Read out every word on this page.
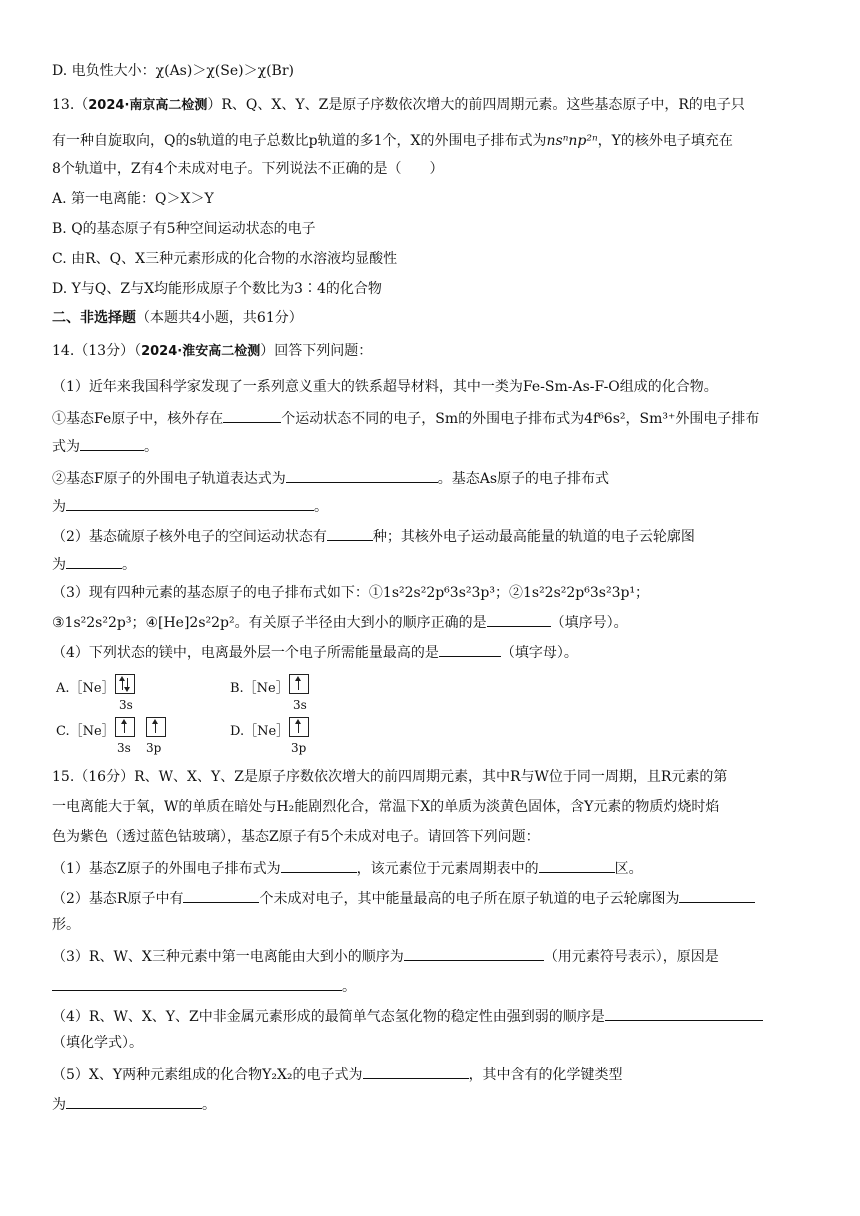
D. 电负性大小：χ(As)＞χ(Se)＞χ(Br)
13.（2024·南京高二检测）R、Q、X、Y、Z是原子序数依次增大的前四周期元素。这些基态原子中，R的电子只
有一种自旋取向，Q的s轨道的电子总数比p轨道的多1个，X的外围电子排布式为nsⁿnp²ⁿ，Y的核外电子填充在
8个轨道中，Z有4个未成对电子。下列说法不正确的是（　　）
A. 第一电离能：Q＞X＞Y
B. Q的基态原子有5种空间运动状态的电子
C. 由R、Q、X三种元素形成的化合物的水溶液均显酸性
D. Y与Q、Z与X均能形成原子个数比为3∶4的化合物
二、非选择题（本题共4小题，共61分）
14.（13分）（2024·淮安高二检测）回答下列问题：
（1）近年来我国科学家发现了一系列意义重大的铁系超导材料，其中一类为Fe-Sm-As-F-O组成的化合物。
①基态Fe原子中，核外存在	个运动状态不同的电子，Sm的外围电子排布式为4f⁶6s²，Sm³⁺外围电子排布
式为	。
②基态F原子的外围电子轨道表达式为	。基态As原子的电子排布式
为	。
（2）基态硫原子核外电子的空间运动状态有	种；其核外电子运动最高能量的轨道的电子云轮廓图
为	。
（3）现有四种元素的基态原子的电子排布式如下：①1s²2s²2p⁶3s²3p³；②1s²2s²2p⁶3s²3p¹；
③1s²2s²2p³；④[He]2s²2p²。有关原子半径由大到小的顺序正确的是	（填序号）。
（4）下列状态的镁中，电离最外层一个电子所需能量最高的是	（填字母）。
A.［Ne］
3s
B.［Ne］
3s
C.［Ne］
3s 3p
D.［Ne］
3p
15.（16分）R、W、X、Y、Z是原子序数依次增大的前四周期元素，其中R与W位于同一周期，且R元素的第
一电离能大于氧，W的单质在暗处与H₂能剧烈化合，常温下X的单质为淡黄色固体，含Y元素的物质灼烧时焰
色为紫色（透过蓝色钴玻璃），基态Z原子有5个未成对电子。请回答下列问题：
（1）基态Z原子的外围电子排布式为	，该元素位于元素周期表中的	区。
（2）基态R原子中有	个未成对电子，其中能量最高的电子所在原子轨道的电子云轮廓图为
形。
（3）R、W、X三种元素中第一电离能由大到小的顺序为	（用元素符号表示），原因是
。
（4）R、W、X、Y、Z中非金属元素形成的最简单气态氢化物的稳定性由强到弱的顺序是
（填化学式）。
（5）X、Y两种元素组成的化合物Y₂X₂的电子式为	，其中含有的化学键类型
为	。
